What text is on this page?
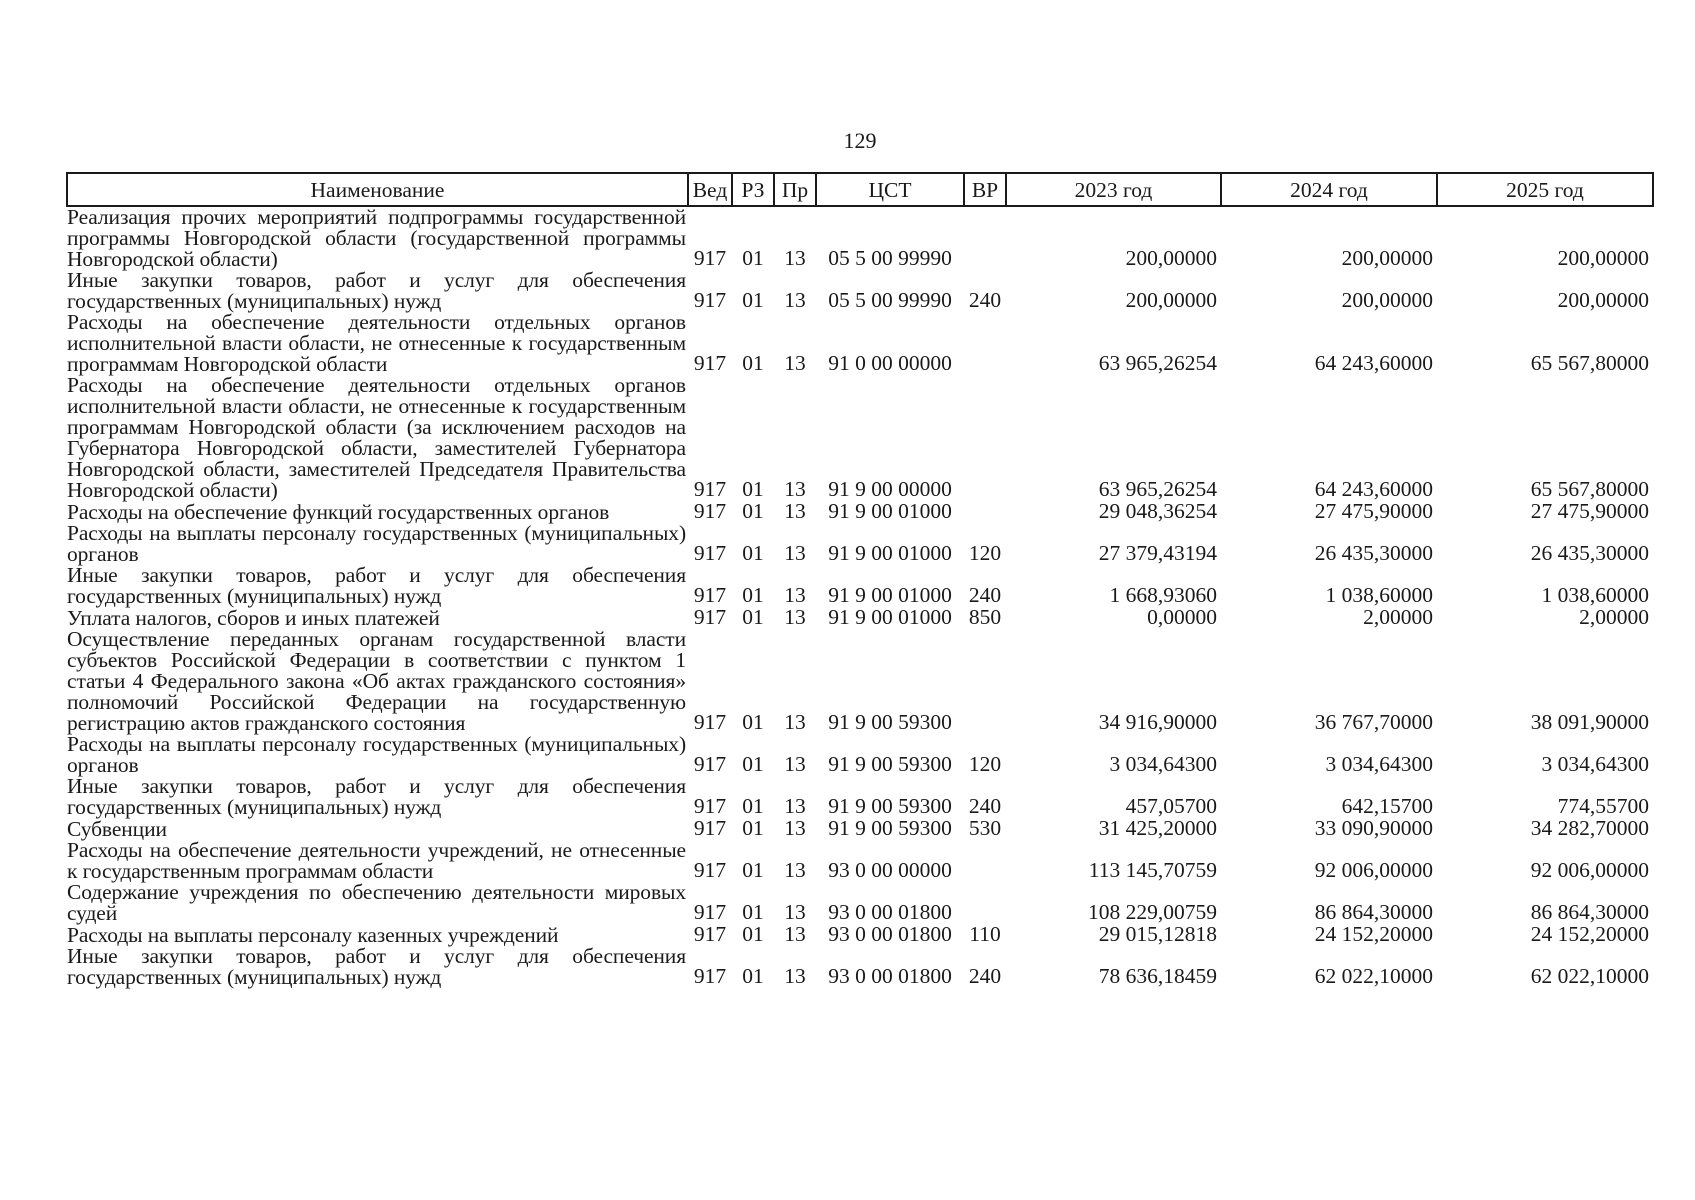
129
Наименование	Вед	РЗ	Пр	ЦСТ	ВР	2023 год	2024 год	2025 год
Реализация прочих мероприятий подпрограммы государственной программы Новгородской области (государственной программы Новгородской области)	917	01	13	05 5 00 99990		200,00000	200,00000	200,00000
Иные закупки товаров, работ и услуг для обеспечения государственных (муниципальных) нужд	917	01	13	05 5 00 99990	240	200,00000	200,00000	200,00000
Расходы на обеспечение деятельности отдельных органов исполнительной власти области, не отнесенные к государственным программам Новгородской области	917	01	13	91 0 00 00000		63 965,26254	64 243,60000	65 567,80000
Расходы на обеспечение деятельности отдельных органов исполнительной власти области, не отнесенные к государственным программам Новгородской области (за исключением расходов на Губернатора Новгородской области, заместителей Губернатора Новгородской области, заместителей Председателя Правительства Новгородской области)	917	01	13	91 9 00 00000		63 965,26254	64 243,60000	65 567,80000
Расходы на обеспечение функций государственных органов	917	01	13	91 9 00 01000		29 048,36254	27 475,90000	27 475,90000
Расходы на выплаты персоналу государственных (муниципальных) органов	917	01	13	91 9 00 01000	120	27 379,43194	26 435,30000	26 435,30000
Иные закупки товаров, работ и услуг для обеспечения государственных (муниципальных) нужд	917	01	13	91 9 00 01000	240	1 668,93060	1 038,60000	1 038,60000
Уплата налогов, сборов и иных платежей	917	01	13	91 9 00 01000	850	0,00000	2,00000	2,00000
Осуществление переданных органам государственной власти субъектов Российской Федерации в соответствии с пунктом 1 статьи 4 Федерального закона «Об актах гражданского состояния» полномочий Российской Федерации на государственную регистрацию актов гражданского состояния	917	01	13	91 9 00 59300		34 916,90000	36 767,70000	38 091,90000
Расходы на выплаты персоналу государственных (муниципальных) органов	917	01	13	91 9 00 59300	120	3 034,64300	3 034,64300	3 034,64300
Иные закупки товаров, работ и услуг для обеспечения государственных (муниципальных) нужд	917	01	13	91 9 00 59300	240	457,05700	642,15700	774,55700
Субвенции	917	01	13	91 9 00 59300	530	31 425,20000	33 090,90000	34 282,70000
Расходы на обеспечение деятельности учреждений, не отнесенные к государственным программам области	917	01	13	93 0 00 00000		113 145,70759	92 006,00000	92 006,00000
Содержание учреждения по обеспечению деятельности мировых судей	917	01	13	93 0 00 01800		108 229,00759	86 864,30000	86 864,30000
Расходы на выплаты персоналу казенных учреждений	917	01	13	93 0 00 01800	110	29 015,12818	24 152,20000	24 152,20000
Иные закупки товаров, работ и услуг для обеспечения государственных (муниципальных) нужд	917	01	13	93 0 00 01800	240	78 636,18459	62 022,10000	62 022,10000
